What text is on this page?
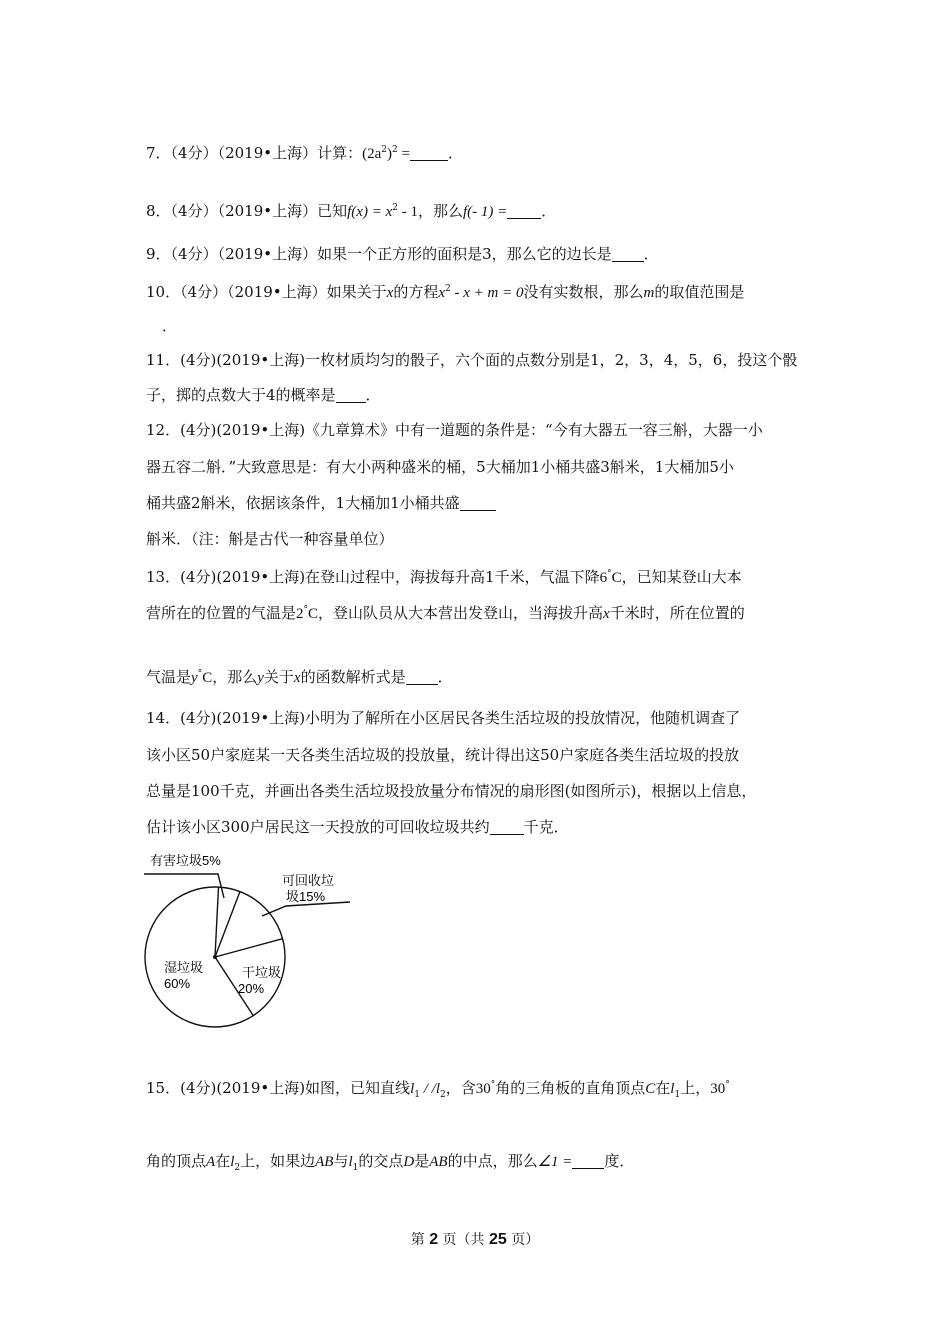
7．（4分）（2019•上海）计算：$(2a^2)^2$ =	．
8．（4分）（2019•上海）已知$f(x) = x^2 - 1$，那么f(- 1) = ．
9．（4分）（2019•上海）如果一个正方形的面积是3，那么它的边长是 ．
10．（4分）（2019•上海）如果关于x的方程$x^2 - x + m = 0$没有实数根，那么m的取值范围是
．
11．(4分)(2019•上海)一枚材质均匀的骰子，六个面的点数分别是1，2，3，4，5，6，投这个骰
子，掷的点数大于4的概率是 ．
12．(4分)(2019•上海)《九章算术》中有一道题的条件是：“今有大器五一容三斛，大器一小
器五容二斛．”大致意思是：有大小两种盛米的桶，5大桶加1小桶共盛3斛米，1大桶加5小
桶共盛2斛米，依据该条件，1大桶加1小桶共盛
斛米．（注：斛是古代一种容量单位）
13．(4分)(2019•上海)在登山过程中，海拔每升高1千米，气温下降6°C，已知某登山大本
营所在的位置的气温是2°C，登山队员从大本营出发登山，当海拔升高x千米时，所在位置的
气温是y°C，那么y关于x的函数解析式是 ．
14．(4分)(2019•上海)小明为了解所在小区居民各类生活垃圾的投放情况，他随机调查了
该小区50户家庭某一天各类生活垃圾的投放量，统计得出这50户家庭各类生活垃圾的投放
总量是100千克，并画出各类生活垃圾投放量分布情况的扇形图(如图所示)，根据以上信息，
估计该小区300户居民这一天投放的可回收垃圾共约 千克．
有害垃圾5%
可回收垃
圾15%
湿垃圾
60%
干垃圾
20%
15．(4分)(2019•上海)如图，已知直线$l_1 / /l_2$，含30°角的三角板的直角顶点C在$l_1$上，30°
角的顶点A在$l_2$上，如果边AB与$l_1$的交点D是AB的中点，那么∠1 = 度．
第 2 页（共 25 页）
